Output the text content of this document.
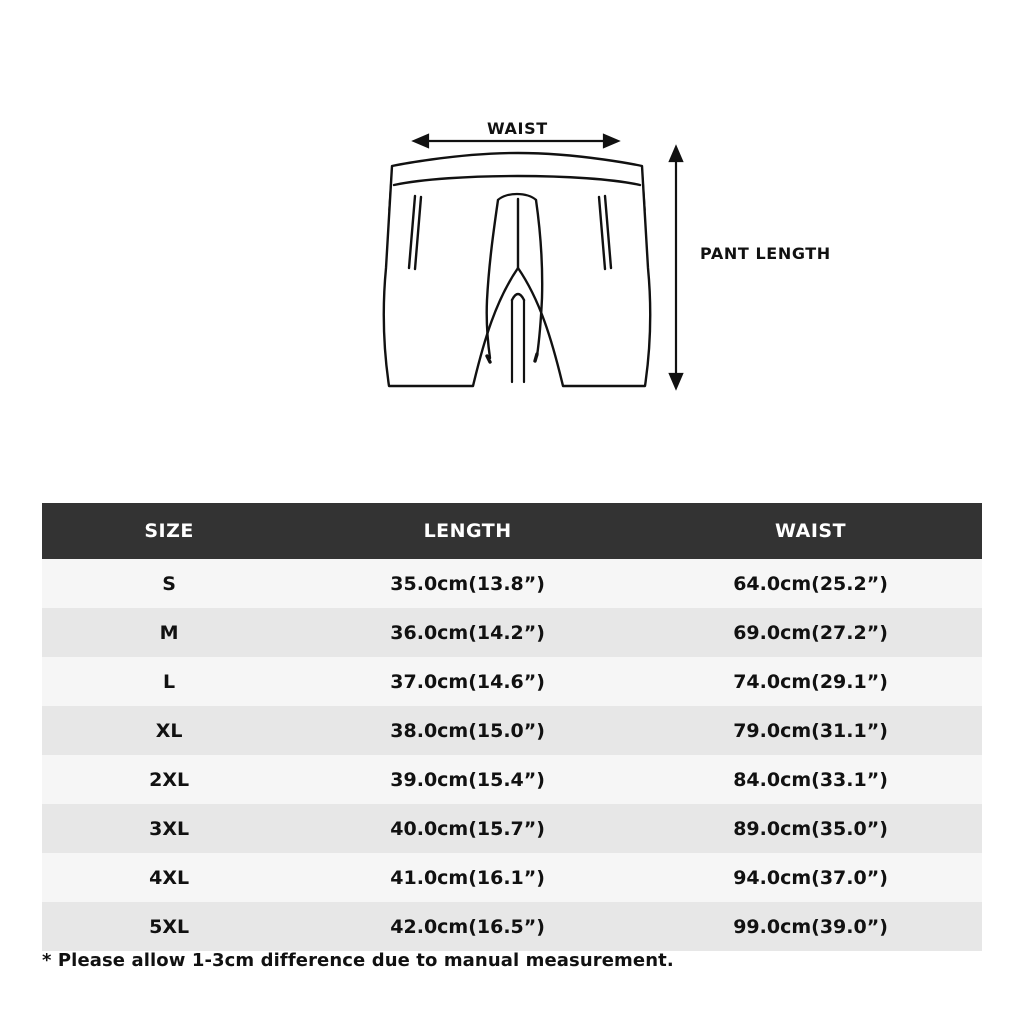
WAIST
PANT LENGTH
SIZE	LENGTH	WAIST
S	35.0cm(13.8”)	64.0cm(25.2”)
M	36.0cm(14.2”)	69.0cm(27.2”)
L	37.0cm(14.6”)	74.0cm(29.1”)
XL	38.0cm(15.0”)	79.0cm(31.1”)
2XL	39.0cm(15.4”)	84.0cm(33.1”)
3XL	40.0cm(15.7”)	89.0cm(35.0”)
4XL	41.0cm(16.1”)	94.0cm(37.0”)
5XL	42.0cm(16.5”)	99.0cm(39.0”)
* Please allow 1-3cm difference due to manual measurement.
